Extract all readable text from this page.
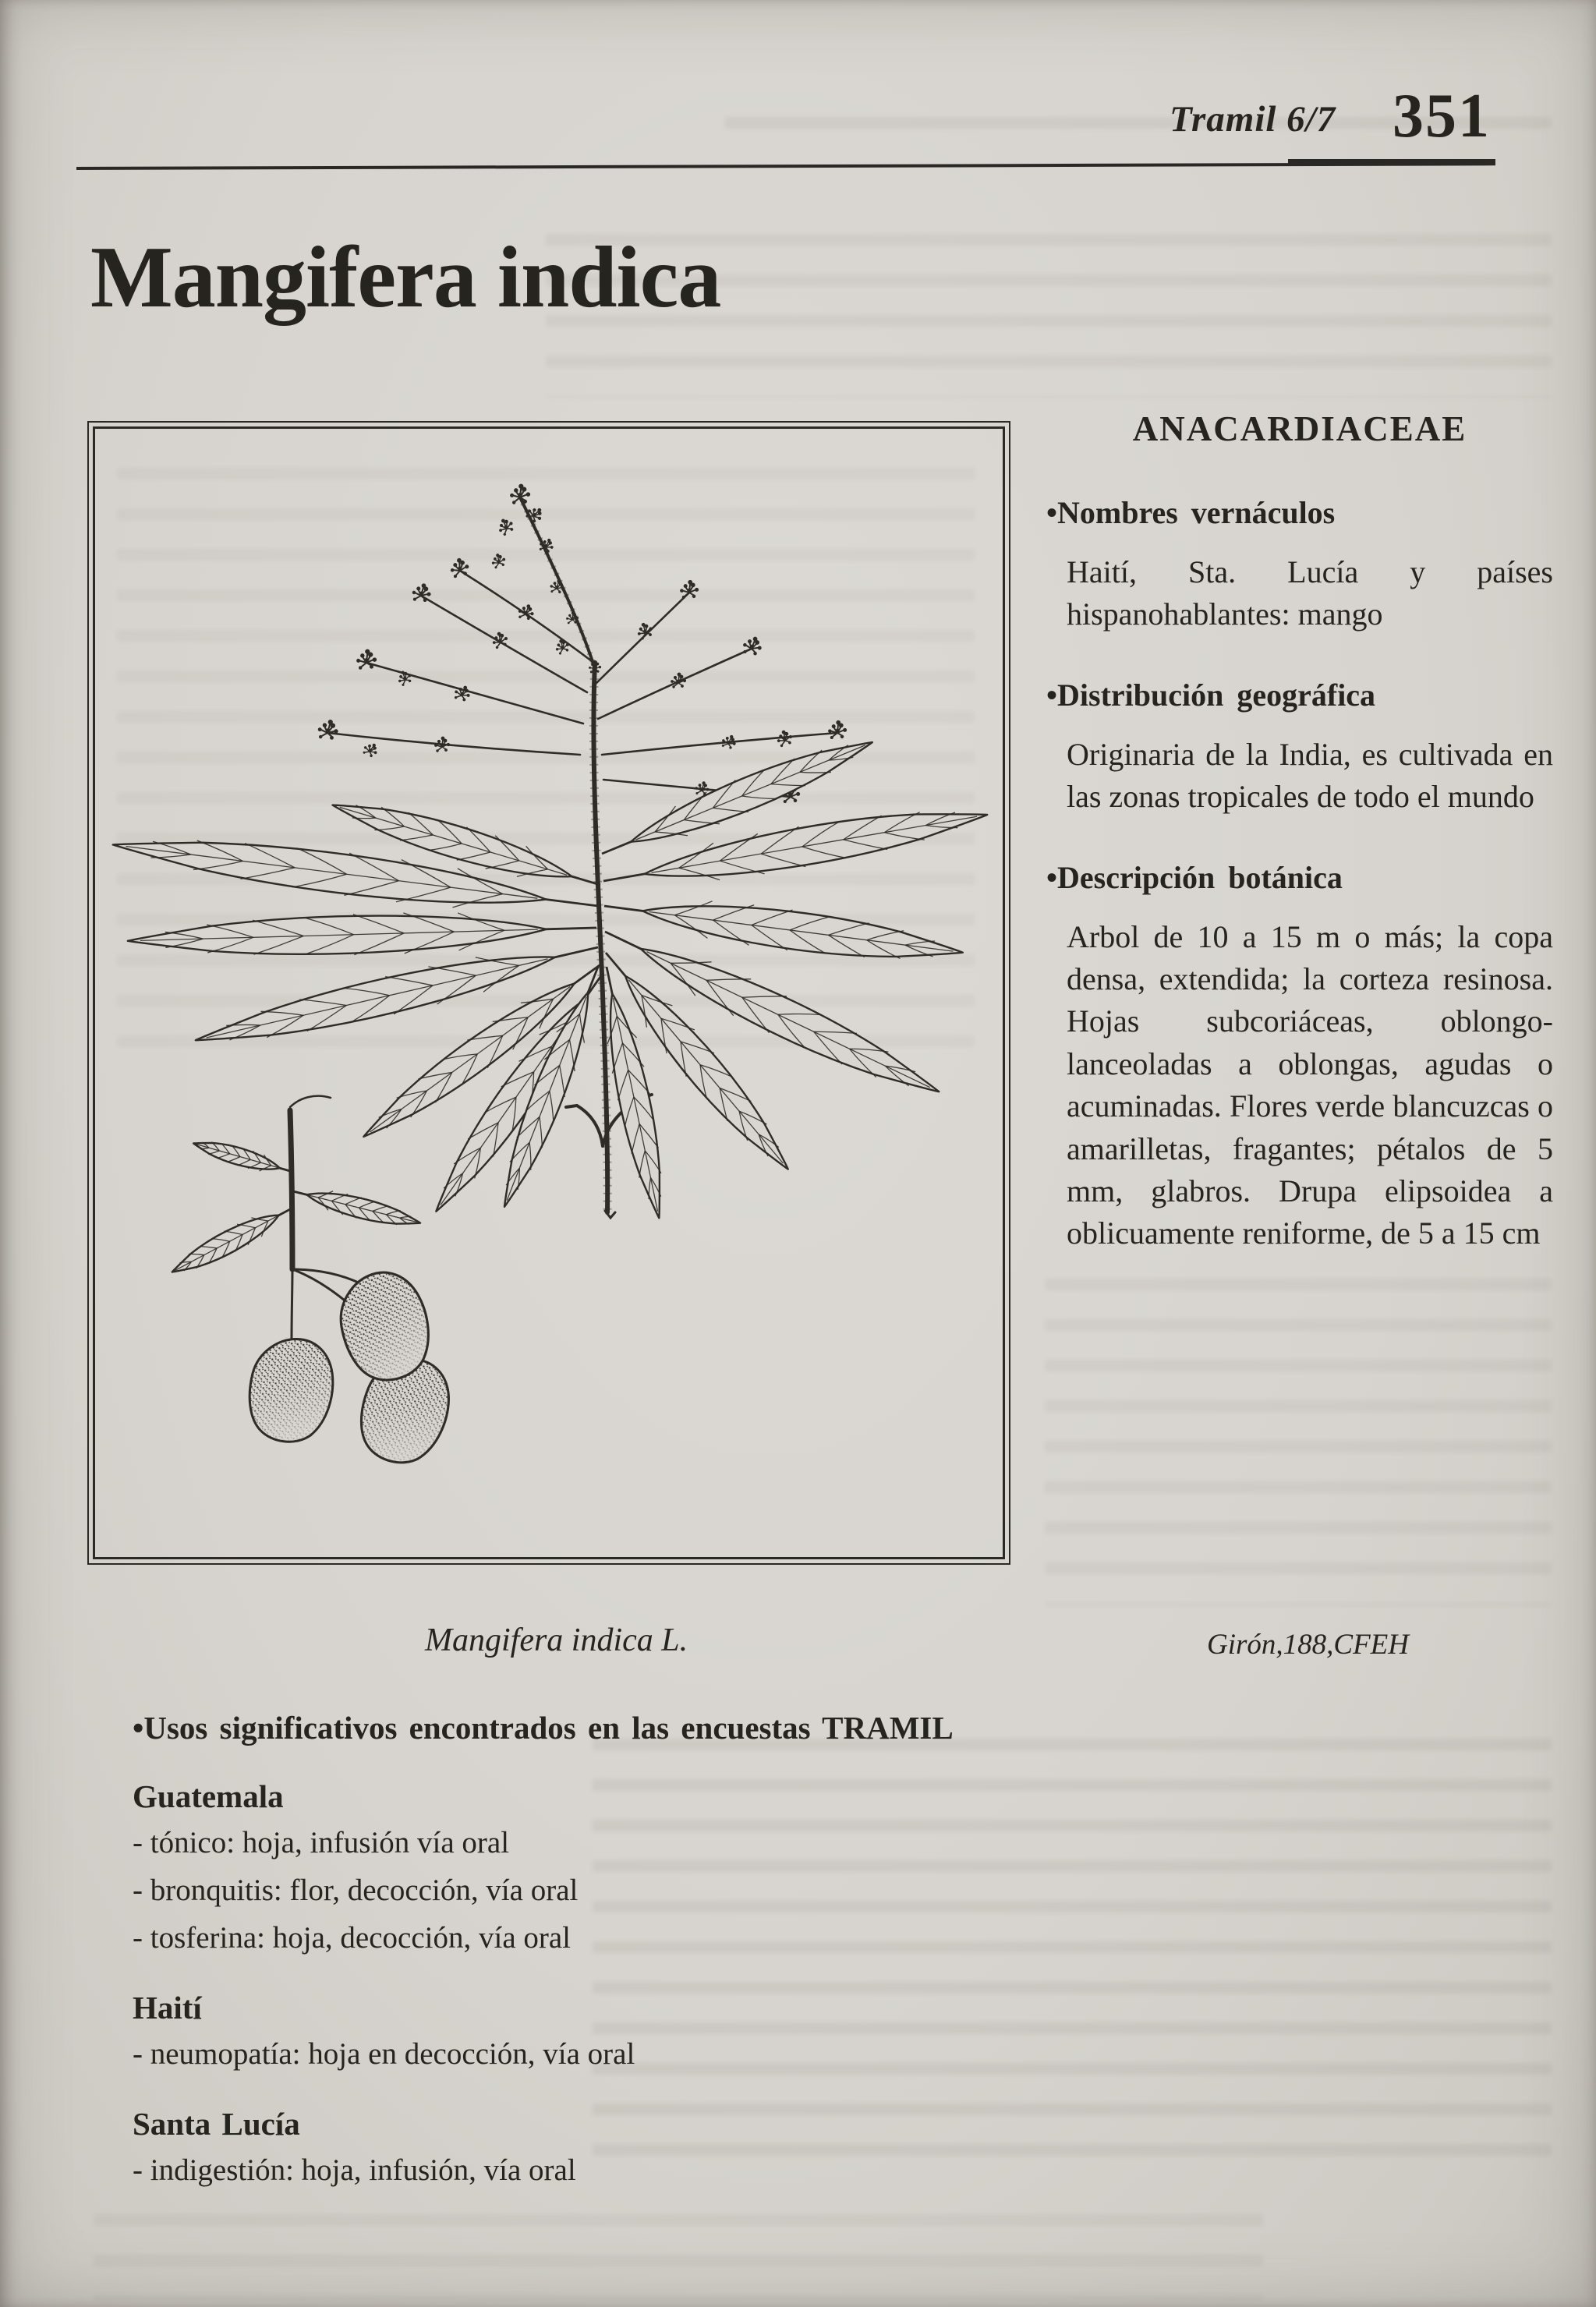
Tramil 6/7 351
Mangifera indica
Mangifera indica L.	Girón,188,CFEH
ANACARDIACEAE
•Nombres vernáculos

Haití, Sta. Lucía y países hispanohablantes: mango

•Distribución geográfica

Originaria de la India, es cultivada en las zonas tropicales de todo el mundo

•Descripción botánica

Arbol de 10 a 15 m o más; la copa densa, extendida; la corteza resinosa. Hojas subcoriáceas, oblongo-lanceoladas a oblongas, agudas o acuminadas. Flores verde blancuzcas o amarilletas, fragantes; pétalos de 5 mm, glabros. Drupa elipsoidea a oblicuamente reniforme, de 5 a 15 cm

•Usos significativos encontrados en las encuestas TRAMIL
Guatemala
- tónico: hoja, infusión vía oral
- bronquitis: flor, decocción, vía oral
- tosferina: hoja, decocción, vía oral
Haití
- neumopatía: hoja en decocción, vía oral
Santa Lucía
- indigestión: hoja, infusión, vía oral
